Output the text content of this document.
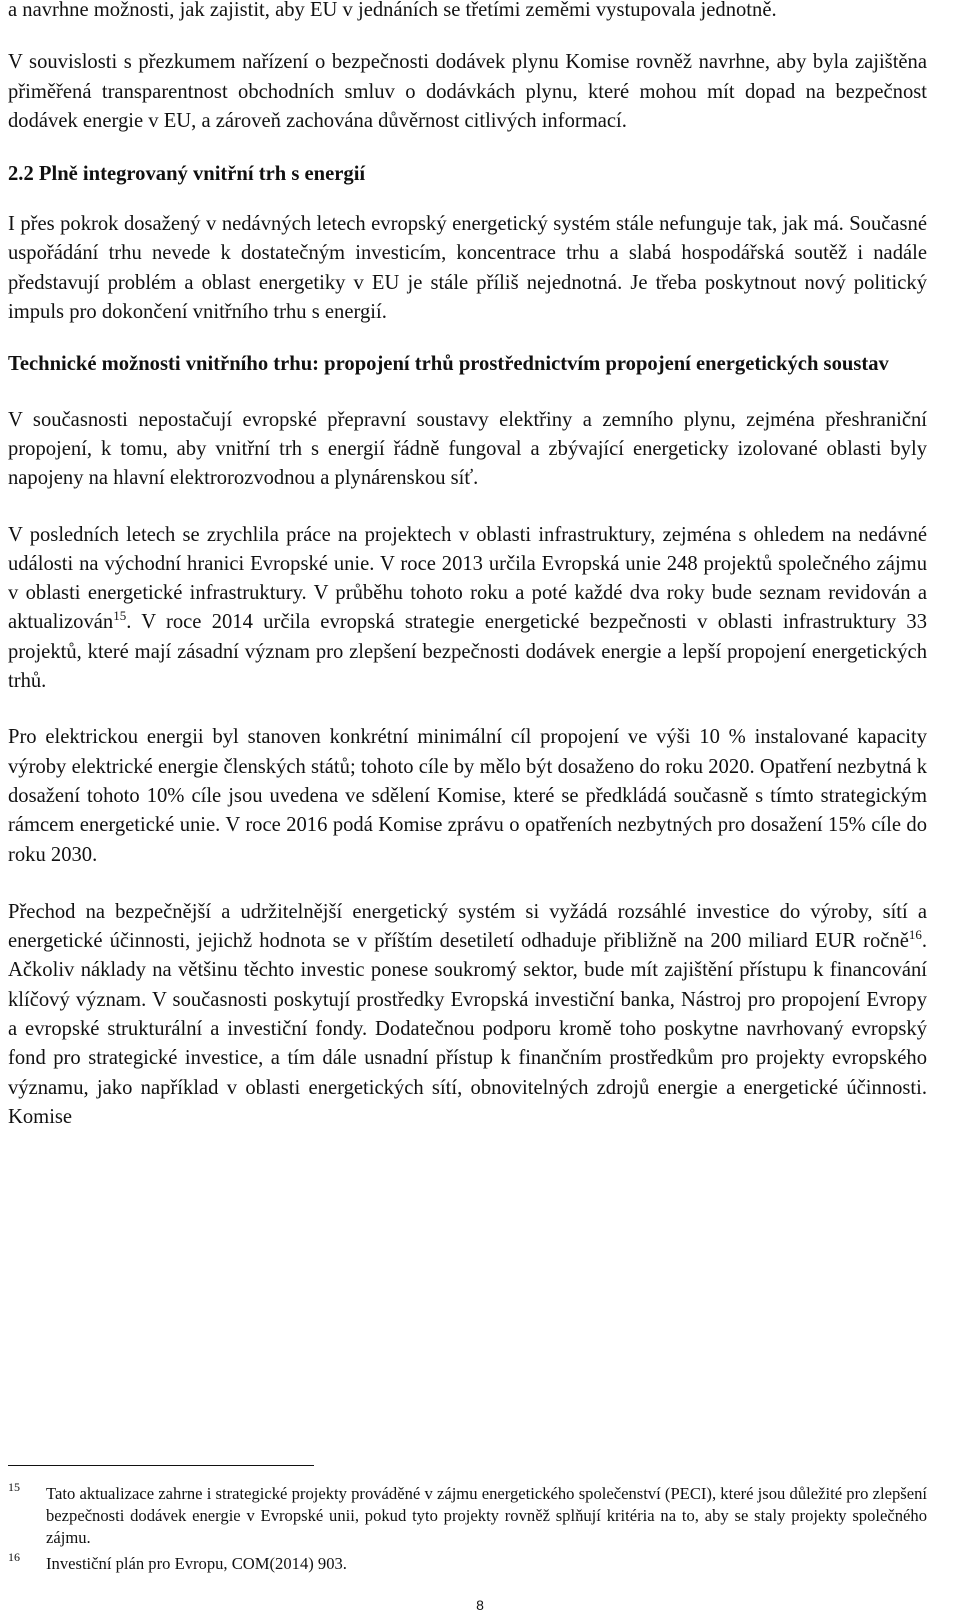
a navrhne možnosti, jak zajistit, aby EU v jednáních se třetími zeměmi vystupovala jednotně.

V souvislosti s přezkumem nařízení o bezpečnosti dodávek plynu Komise rovněž navrhne, aby byla zajištěna přiměřená transparentnost obchodních smluv o dodávkách plynu, které mohou mít dopad na bezpečnost dodávek energie v EU, a zároveň zachována důvěrnost citlivých informací.

2.2 Plně integrovaný vnitřní trh s energií

I přes pokrok dosažený v nedávných letech evropský energetický systém stále nefunguje tak, jak má. Současné uspořádání trhu nevede k dostatečným investicím, koncentrace trhu a slabá hospodářská soutěž i nadále představují problém a oblast energetiky v EU je stále příliš nejednotná. Je třeba poskytnout nový politický impuls pro dokončení vnitřního trhu s energií.

Technické možnosti vnitřního trhu: propojení trhů prostřednictvím propojení energetických soustav

V současnosti nepostačují evropské přepravní soustavy elektřiny a zemního plynu, zejména přeshraniční propojení, k tomu, aby vnitřní trh s energií řádně fungoval a zbývající energeticky izolované oblasti byly napojeny na hlavní elektrorozvodnou a plynárenskou síť.

V posledních letech se zrychlila práce na projektech v oblasti infrastruktury, zejména s ohledem na nedávné události na východní hranici Evropské unie. V roce 2013 určila Evropská unie 248 projektů společného zájmu v oblasti energetické infrastruktury. V průběhu tohoto roku a poté každé dva roky bude seznam revidován a aktualizován$^{15}$. V roce 2014 určila evropská strategie energetické bezpečnosti v oblasti infrastruktury 33 projektů, které mají zásadní význam pro zlepšení bezpečnosti dodávek energie a lepší propojení energetických trhů.

Pro elektrickou energii byl stanoven konkrétní minimální cíl propojení ve výši 10 % instalované kapacity výroby elektrické energie členských států; tohoto cíle by mělo být dosaženo do roku 2020. Opatření nezbytná k dosažení tohoto 10% cíle jsou uvedena ve sdělení Komise, které se předkládá současně s tímto strategickým rámcem energetické unie. V roce 2016 podá Komise zprávu o opatřeních nezbytných pro dosažení 15% cíle do roku 2030.

Přechod na bezpečnější a udržitelnější energetický systém si vyžádá rozsáhlé investice do výroby, sítí a energetické účinnosti, jejichž hodnota se v příštím desetiletí odhaduje přibližně na 200 miliard EUR ročně$^{16}$. Ačkoliv náklady na většinu těchto investic ponese soukromý sektor, bude mít zajištění přístupu k financování klíčový význam. V současnosti poskytují prostředky Evropská investiční banka, Nástroj pro propojení Evropy a evropské strukturální a investiční fondy. Dodatečnou podporu kromě toho poskytne navrhovaný evropský fond pro strategické investice, a tím dále usnadní přístup k finančním prostředkům pro projekty evropského významu, jako například v oblasti energetických sítí, obnovitelných zdrojů energie a energetické účinnosti. Komise

15 Tato aktualizace zahrne i strategické projekty prováděné v zájmu energetického společenství (PECI), které jsou důležité pro zlepšení bezpečnosti dodávek energie v Evropské unii, pokud tyto projekty rovněž splňují kritéria na to, aby se staly projekty společného zájmu.
16 Investiční plán pro Evropu, COM(2014) 903.
8
